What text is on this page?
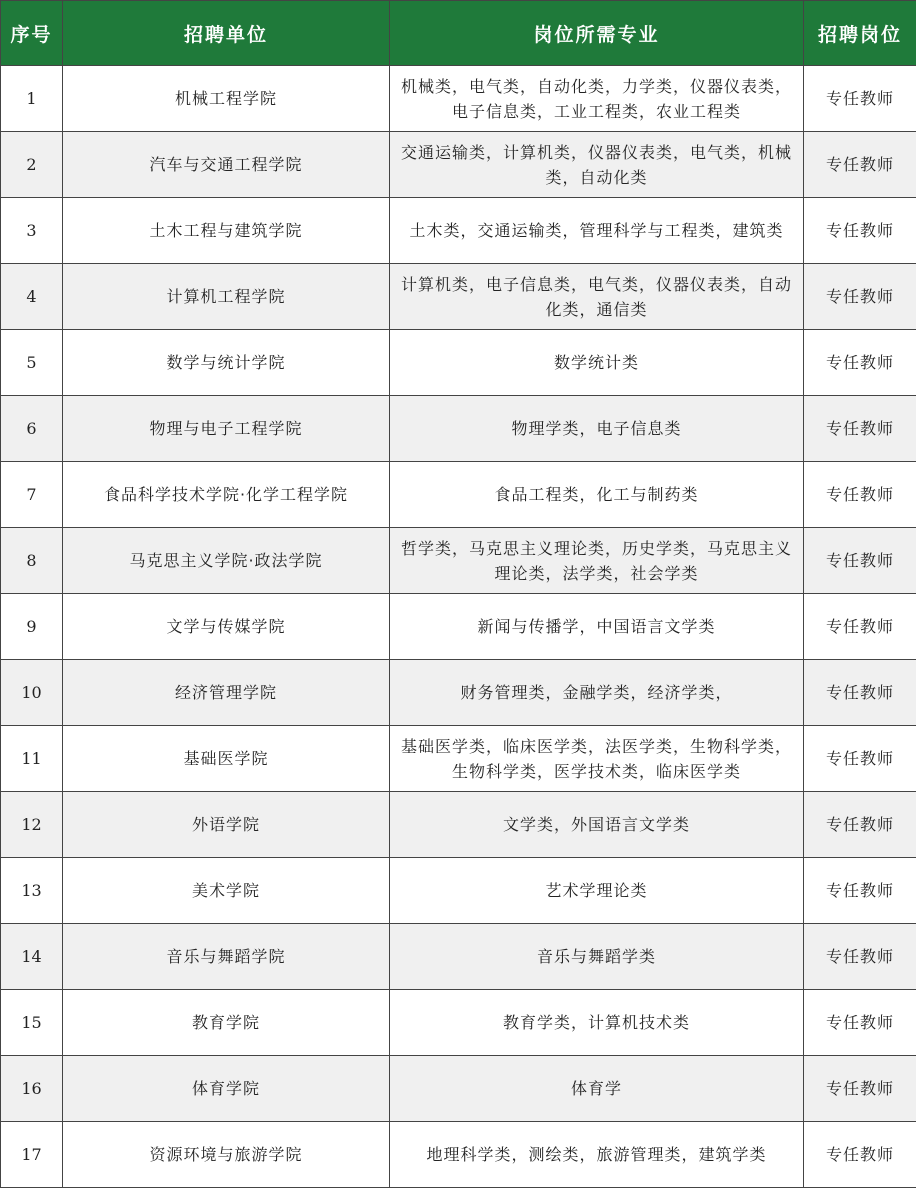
序号	招聘单位	岗位所需专业	招聘岗位
1	机械工程学院	机械类，电气类，自动化类，力学类，仪器仪表类，电子信息类，工业工程类，农业工程类	专任教师
2	汽车与交通工程学院	交通运输类，计算机类，仪器仪表类，电气类，机械类，自动化类	专任教师
3	土木工程与建筑学院	土木类，交通运输类，管理科学与工程类，建筑类	专任教师
4	计算机工程学院	计算机类，电子信息类，电气类，仪器仪表类，自动化类，通信类	专任教师
5	数学与统计学院	数学统计类	专任教师
6	物理与电子工程学院	物理学类，电子信息类	专任教师
7	食品科学技术学院·化学工程学院	食品工程类，化工与制药类	专任教师
8	马克思主义学院·政法学院	哲学类，马克思主义理论类，历史学类，马克思主义理论类，法学类，社会学类	专任教师
9	文学与传媒学院	新闻与传播学，中国语言文学类	专任教师
10	经济管理学院	财务管理类，金融学类，经济学类，	专任教师
11	基础医学院	基础医学类，临床医学类，法医学类，生物科学类，生物科学类，医学技术类，临床医学类	专任教师
12	外语学院	文学类，外国语言文学类	专任教师
13	美术学院	艺术学理论类	专任教师
14	音乐与舞蹈学院	音乐与舞蹈学类	专任教师
15	教育学院	教育学类，计算机技术类	专任教师
16	体育学院	体育学	专任教师
17	资源环境与旅游学院	地理科学类，测绘类，旅游管理类，建筑学类	专任教师
